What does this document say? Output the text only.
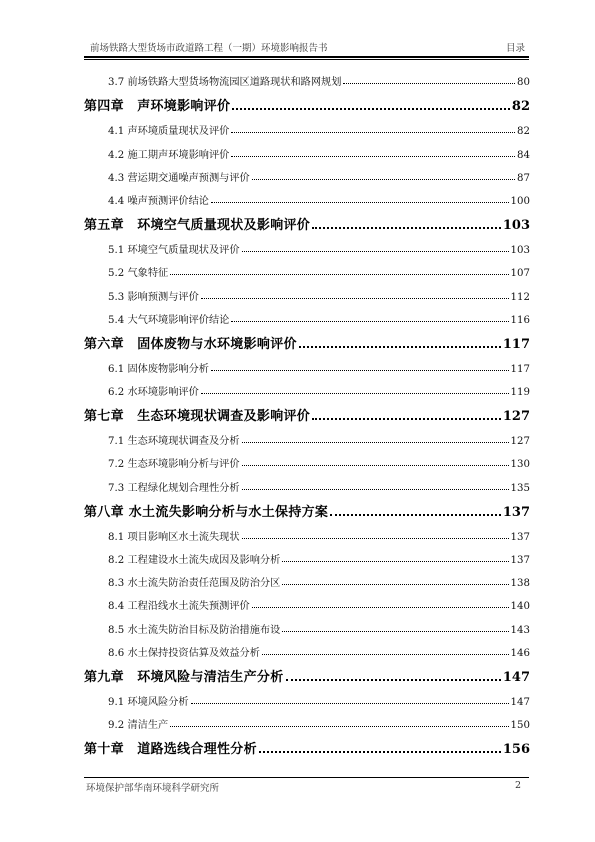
前场铁路大型货场市政道路工程（一期）环境影响报告书	目录
3.7 前场铁路大型货场物流园区道路现状和路网规划	80
第四章　声环境影响评价	82
4.1 声环境质量现状及评价	82
4.2 施工期声环境影响评价	84
4.3 营运期交通噪声预测与评价	87
4.4 噪声预测评价结论	100
第五章　环境空气质量现状及影响评价	103
5.1 环境空气质量现状及评价	103
5.2 气象特征	107
5.3 影响预测与评价	112
5.4 大气环境影响评价结论	116
第六章　固体废物与水环境影响评价	117
6.1 固体废物影响分析	117
6.2 水环境影响评价	119
第七章　生态环境现状调查及影响评价	127
7.1 生态环境现状调查及分析	127
7.2 生态环境影响分析与评价	130
7.3 工程绿化规划合理性分析	135
第八章 水土流失影响分析与水土保持方案	137
8.1 项目影响区水土流失现状	137
8.2 工程建设水土流失成因及影响分析	137
8.3 水土流失防治责任范围及防治分区	138
8.4 工程沿线水土流失预测评价	140
8.5 水土流失防治目标及防治措施布设	143
8.6 水土保持投资估算及效益分析	146
第九章　环境风险与清洁生产分析	147
9.1 环境风险分析	147
9.2 清洁生产	150
第十章　道路选线合理性分析	156
环境保护部华南环境科学研究所	2
